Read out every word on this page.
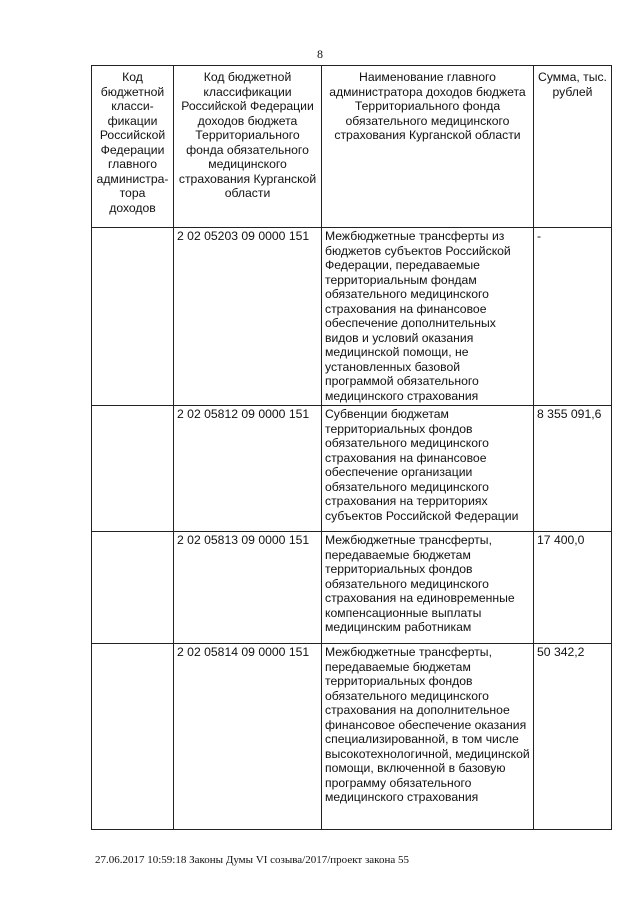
8
Код бюджетной класси-фикации Российской Федерации главного администра-тора доходов	Код бюджетной классификации Российской Федерации доходов бюджета Территориального фонда обязательного медицинского страхования Курганской области	Наименование главного администратора доходов бюджета Территориального фонда обязательного медицинского страхования Курганской области	Сумма, тыс. рублей
	2 02 05203 09 0000 151	Межбюджетные трансферты из бюджетов субъектов Российской Федерации, передаваемые территориальным фондам обязательного медицинского страхования на финансовое обеспечение дополнительных видов и условий оказания медицинской помощи, не установленных базовой программой обязательного медицинского страхования	-
	2 02 05812 09 0000 151	Субвенции бюджетам территориальных фондов обязательного медицинского страхования на финансовое обеспечение организации обязательного медицинского страхования на территориях субъектов Российской Федерации	8 355 091,6
	2 02 05813 09 0000 151	Межбюджетные трансферты, передаваемые бюджетам территориальных фондов обязательного медицинского страхования на единовременные компенсационные выплаты медицинским работникам	17 400,0
	2 02 05814 09 0000 151	Межбюджетные трансферты, передаваемые бюджетам территориальных фондов обязательного медицинского страхования на дополнительное финансовое обеспечение оказания специализированной, в том числе высокотехнологичной, медицинской помощи, включенной в базовую программу обязательного медицинского страхования	50 342,2
27.06.2017 10:59:18 Законы Думы VI созыва/2017/проект закона 55
